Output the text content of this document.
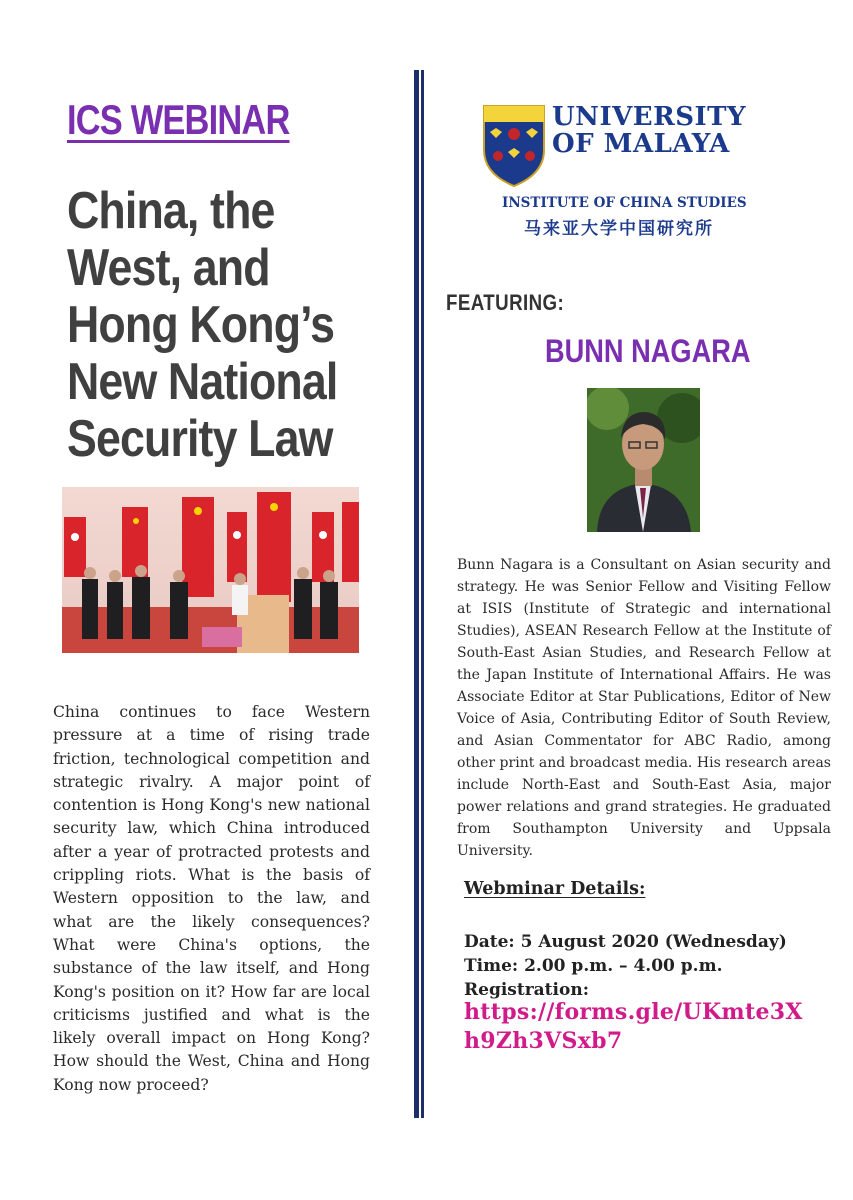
ICS WEBINAR
China, the
West, and
Hong Kong’s
New National
Security Law
China continues to face Western pressure at a time of rising trade friction, technological competition and strategic rivalry. A major point of contention is Hong Kong's new national security law, which China introduced after a year of protracted protests and crippling riots. What is the basis of Western opposition to the law, and what are the likely consequences? What were China's options, the substance of the law itself, and Hong Kong's position on it? How far are local criticisms justified and what is the likely overall impact on Hong Kong? How should the West, China and Hong Kong now proceed?
UNIVERSITY
OF MALAYA
INSTITUTE OF CHINA STUDIES
马来亚大学中国研究所
FEATURING:
BUNN NAGARA
Bunn Nagara is a Consultant on Asian security and strategy. He was Senior Fellow and Visiting Fellow at ISIS (Institute of Strategic and international Studies), ASEAN Research Fellow at the Institute of South-East Asian Studies, and Research Fellow at the Japan Institute of International Affairs. He was Associate Editor at Star Publications, Editor of New Voice of Asia, Contributing Editor of South Review, and Asian Commentator for ABC Radio, among other print and broadcast media. His research areas include North-East and South-East Asia, major power relations and grand strategies. He graduated from Southampton University and Uppsala University.
Webminar Details:
Date: 5 August 2020 (Wednesday)
Time: 2.00 p.m. – 4.00 p.m.
Registration:
https://forms.gle/UKmte3X
h9Zh3VSxb7
